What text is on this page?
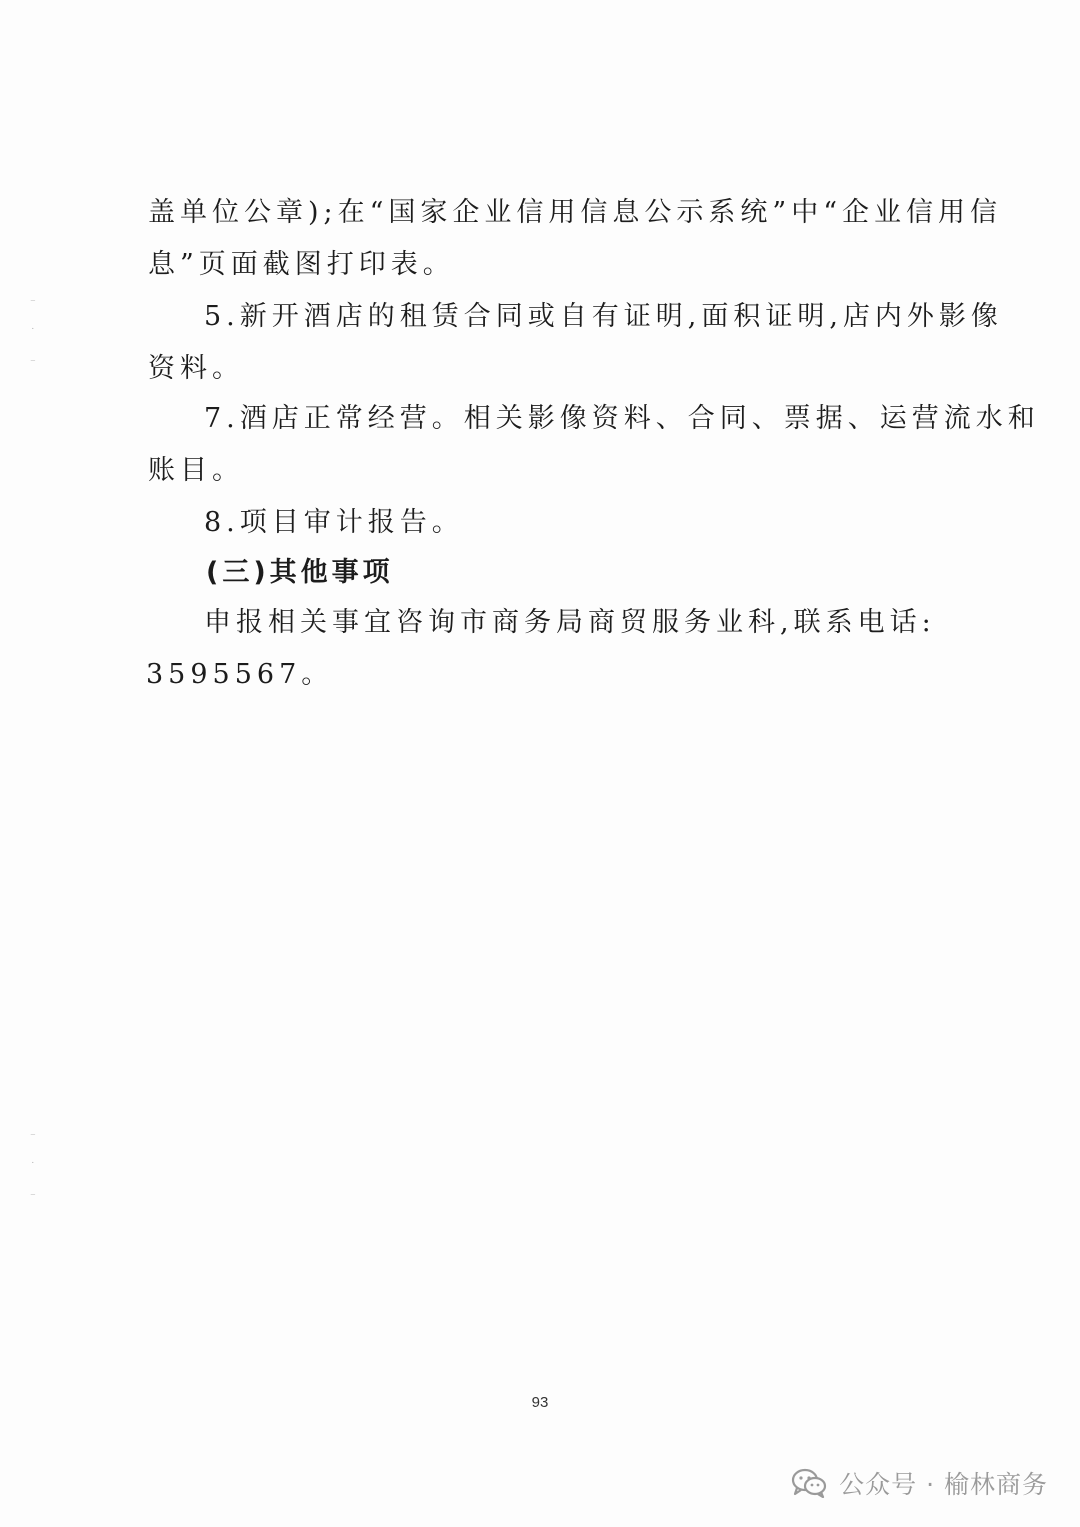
⁻
˙
⁻
⁻
˙
⁻
盖单位公章);在“国家企业信用信息公示系统”中“企业信用信
息”页面截图打印表。
5.新开酒店的租赁合同或自有证明,面积证明,店内外影像
资料。
7.酒店正常经营。相关影像资料、合同、票据、运营流水和
账目。
8.项目审计报告。
(三)其他事项
申报相关事宜咨询市商务局商贸服务业科,联系电话:
3595567。
93
公众号 · 榆林商务
